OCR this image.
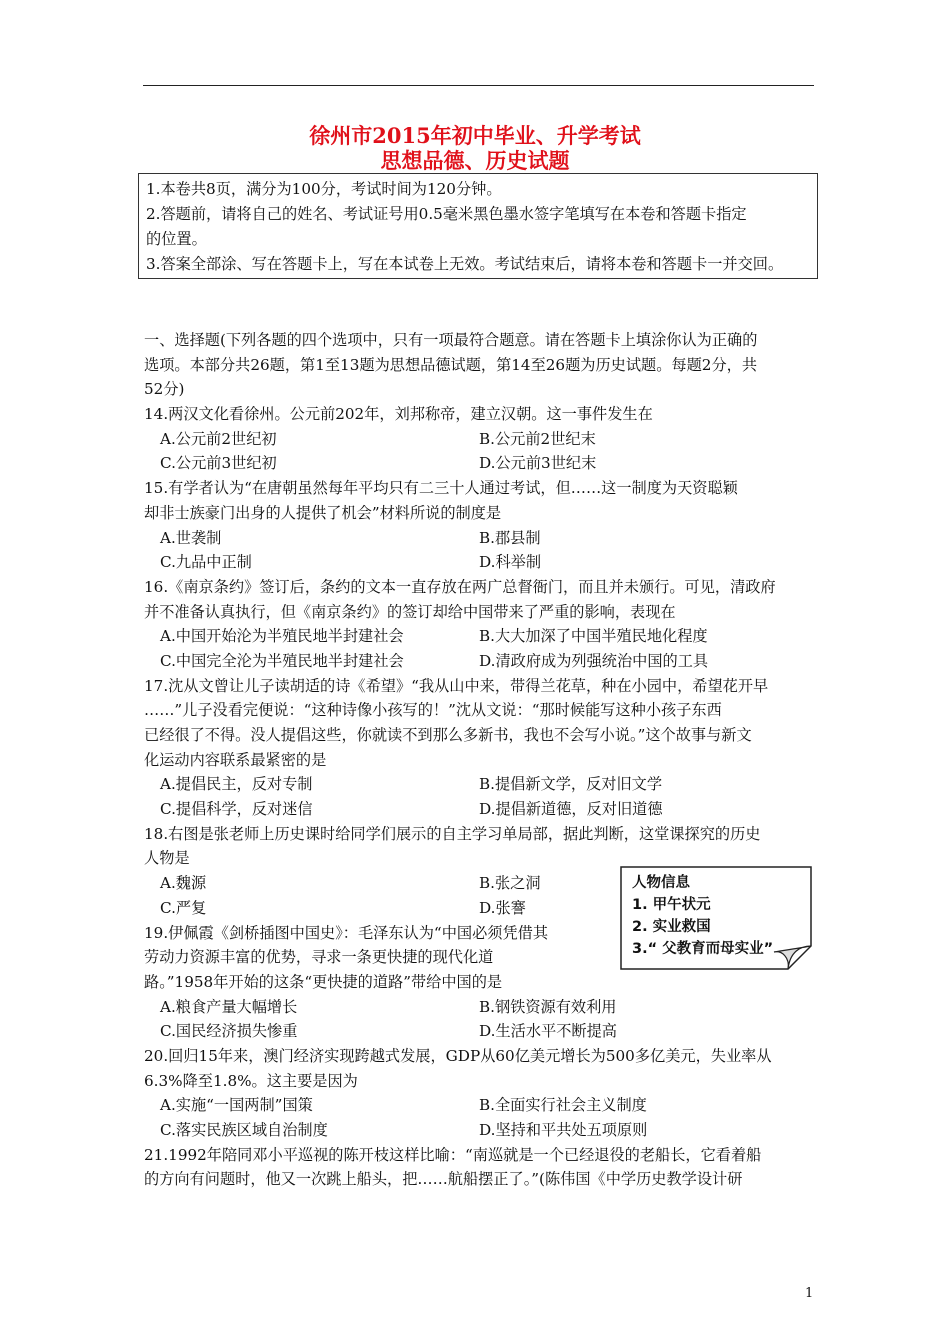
徐州市2015年初中毕业、升学考试
思想品德、历史试题
1.本卷共8页，满分为100分，考试时间为120分钟。
2.答题前，请将自己的姓名、考试证号用0.5毫米黑色墨水签字笔填写在本卷和答题卡指定
的位置。
3.答案全部涂、写在答题卡上，写在本试卷上无效。考试结束后，请将本卷和答题卡一并交回。
一、选择题(下列各题的四个选项中，只有一项最符合题意。请在答题卡上填涂你认为正确的
选项。本部分共26题，第1至13题为思想品德试题，第14至26题为历史试题。每题2分，共
52分)
14.两汉文化看徐州。公元前202年，刘邦称帝，建立汉朝。这一事件发生在
A.公元前2世纪初	B.公元前2世纪末
C.公元前3世纪初	D.公元前3世纪末
15.有学者认为“在唐朝虽然每年平均只有二三十人通过考试，但……这一制度为天资聪颖
却非士族豪门出身的人提供了机会”材料所说的制度是
A.世袭制	B.郡县制
C.九品中正制	D.科举制
16.《南京条约》签订后，条约的文本一直存放在两广总督衙门，而且并未颁行。可见，清政府
并不准备认真执行，但《南京条约》的签订却给中国带来了严重的影响，表现在
A.中国开始沦为半殖民地半封建社会	B.大大加深了中国半殖民地化程度
C.中国完全沦为半殖民地半封建社会	D.清政府成为列强统治中国的工具
17.沈从文曾让儿子读胡适的诗《希望》“我从山中来，带得兰花草，种在小园中，希望花开早
……”儿子没看完便说：“这种诗像小孩写的！”沈从文说：“那时候能写这种小孩子东西
已经很了不得。没人提倡这些，你就读不到那么多新书，我也不会写小说。”这个故事与新文
化运动内容联系最紧密的是
A.提倡民主，反对专制	B.提倡新文学，反对旧文学
C.提倡科学，反对迷信	D.提倡新道德，反对旧道德
18.右图是张老师上历史课时给同学们展示的自主学习单局部，据此判断，这堂课探究的历史
人物是
A.魏源	B.张之洞
C.严复	D.张謇
19.伊佩霞《剑桥插图中国史》：毛泽东认为“中国必须凭借其
劳动力资源丰富的优势，寻求一条更快捷的现代化道
路。”1958年开始的这条“更快捷的道路”带给中国的是
A.粮食产量大幅增长	B.钢铁资源有效利用
C.国民经济损失惨重	D.生活水平不断提高
20.回归15年来，澳门经济实现跨越式发展，GDP从60亿美元增长为500多亿美元，失业率从
6.3%降至1.8%。这主要是因为
A.实施“一国两制”国策	B.全面实行社会主义制度
C.落实民族区域自治制度	D.坚持和平共处五项原则
21.1992年陪同邓小平巡视的陈开枝这样比喻：“南巡就是一个已经退役的老船长，它看着船
的方向有问题时，他又一次跳上船头，把……航船摆正了。”(陈伟国《中学历史教学设计研
人物信息
1. 甲午状元
2. 实业救国
3.“ 父教育而母实业”
1
